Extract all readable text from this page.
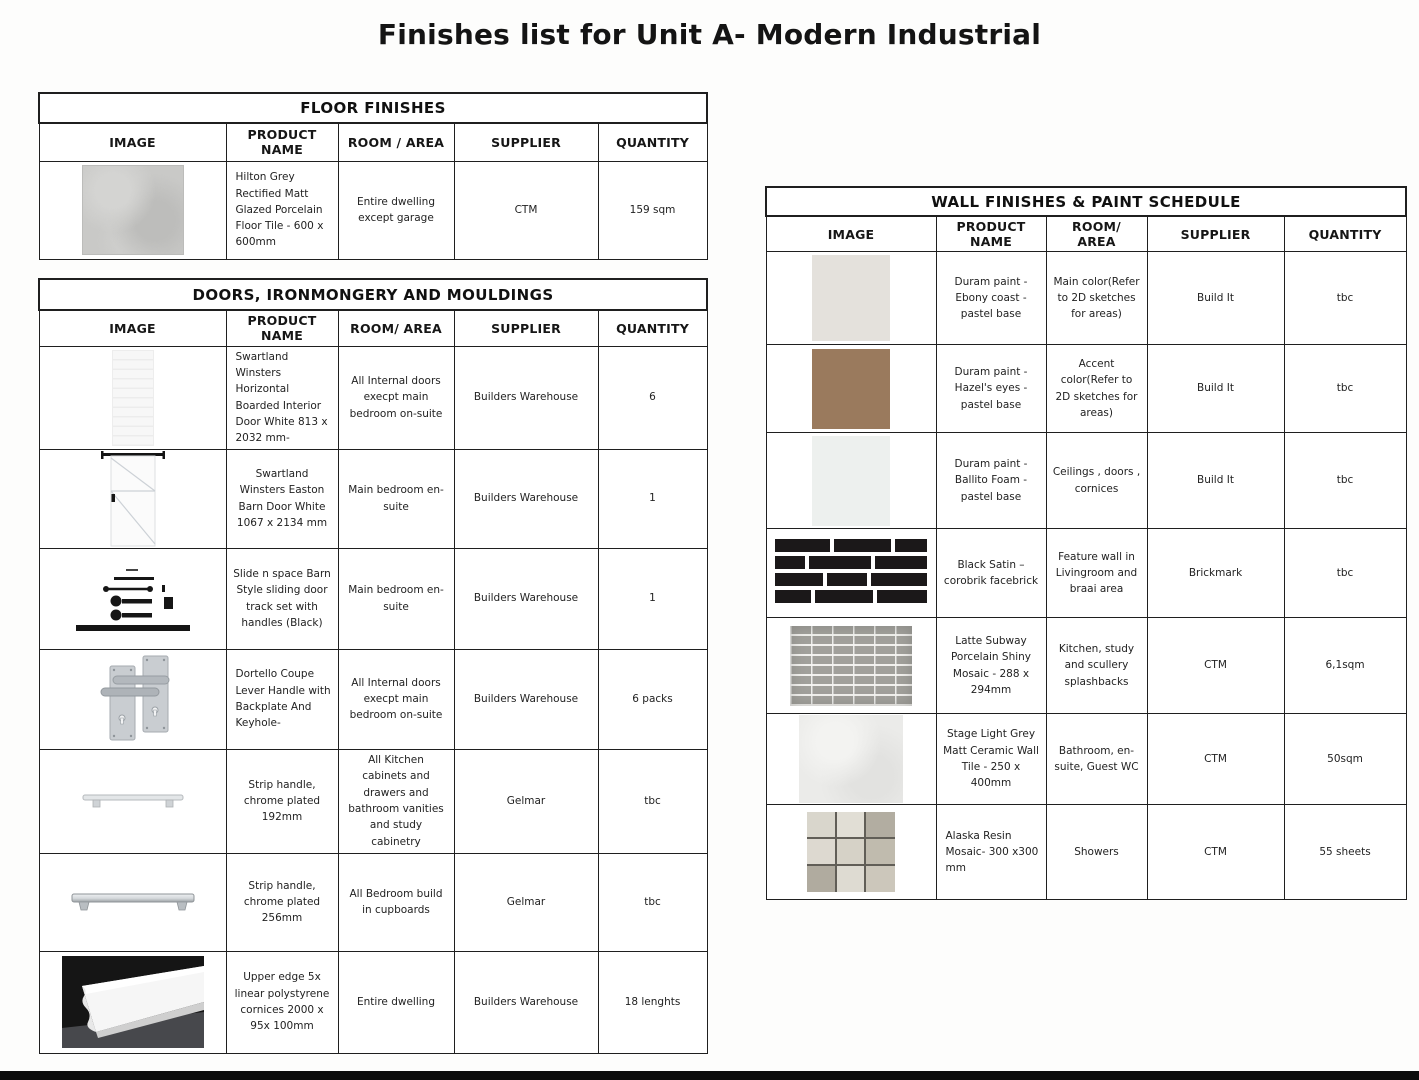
Finishes list for Unit A- Modern Industrial
FLOOR FINISHES				
IMAGE	PRODUCT NAME	ROOM / AREA	SUPPLIER	QUANTITY

	Hilton Grey Rectified Matt Glazed Porcelain Floor Tile - 600 x 600mm	Entire dwelling except garage	CTM	159 sqm
DOORS, IRONMONGERY AND MOULDINGS				
IMAGE	PRODUCT NAME	ROOM/ AREA	SUPPLIER	QUANTITY

	Swartland Winsters Horizontal Boarded Interior Door White 813 x 2032 mm-	All Internal doors execpt main bedroom on-suite	Builders Warehouse	6

	Swartland Winsters Easton Barn Door White 1067 x 2134 mm	Main bedroom en-suite	Builders Warehouse	1

	Slide n space Barn Style sliding door track set with handles (Black)	Main bedroom en-suite	Builders Warehouse	1

	Dortello Coupe Lever Handle with Backplate And Keyhole-	All Internal doors execpt main bedroom on-suite	Builders Warehouse	6 packs

	Strip handle, chrome plated 192mm	All Kitchen cabinets and drawers and bathroom vanities and study cabinetry	Gelmar	tbc

	Strip handle, chrome plated 256mm	All Bedroom build in cupboards	Gelmar	tbc

	Upper edge 5x linear polystyrene cornices 2000 x 95x 100mm	Entire dwelling	Builders Warehouse	18 lenghts
WALL FINISHES & PAINT SCHEDULE				
IMAGE	PRODUCT NAME	ROOM/ AREA	SUPPLIER	QUANTITY

	Duram paint - Ebony coast - pastel base	Main color(Refer to 2D sketches for areas)	Build It	tbc

	Duram paint - Hazel's eyes - pastel base	Accent color(Refer to 2D sketches for areas)	Build It	tbc

	Duram paint - Ballito Foam - pastel base	Ceilings , doors , cornices	Build It	tbc

	Black Satin – corobrik facebrick	Feature wall in Livingroom and braai area	Brickmark	tbc

	Latte Subway Porcelain Shiny Mosaic - 288 x 294mm	Kitchen, study and scullery splashbacks	CTM	6,1sqm

	Stage Light Grey Matt Ceramic Wall Tile - 250 x 400mm	Bathroom, en-suite, Guest WC	CTM	50sqm

	Alaska Resin Mosaic- 300 x300 mm	Showers	CTM	55 sheets
